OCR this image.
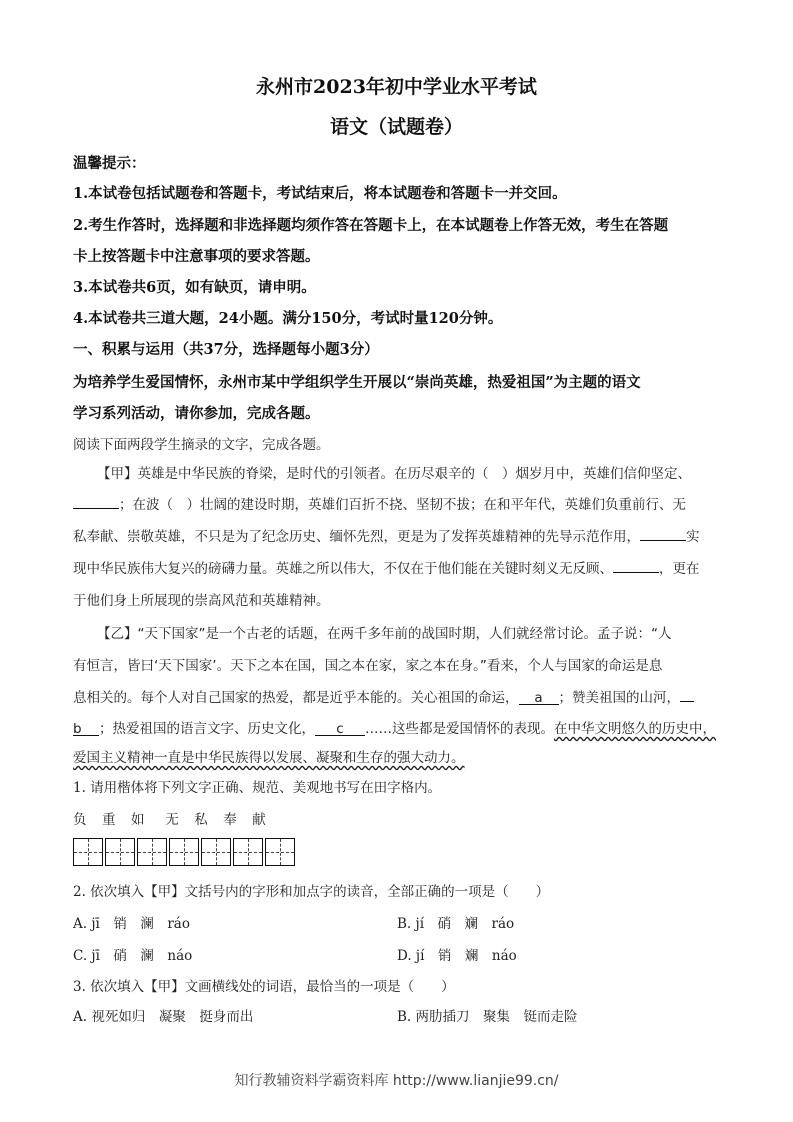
永州市2023年初中学业水平考试
语文（试题卷）
温馨提示：
1.本试卷包括试题卷和答题卡，考试结束后，将本试题卷和答题卡一并交回。
2.考生作答时，选择题和非选择题均须作答在答题卡上，在本试题卷上作答无效，考生在答题
卡上按答题卡中注意事项的要求答题。
3.本试卷共6页，如有缺页，请申明。
4.本试卷共三道大题，24小题。满分150分，考试时量120分钟。
一、积累与运用（共37分，选择题每小题3分）
为培养学生爱国情怀，永州市某中学组织学生开展以“崇尚英雄，热爱祖国”为主题的语文
学习系列活动，请你参加，完成各题。
阅读下面两段学生摘录的文字，完成各题。
【甲】英雄是中华民族的脊梁，是时代的引领者。在历尽艰辛的（　）烟岁月中，英雄们信仰坚定、
；在波（　）壮阔的建设时期，英雄们百折不挠、坚韧不拔；在和平年代，英雄们负重前行、无
私奉献、崇敬英雄，不只是为了纪念历史、缅怀先烈，更是为了发挥英雄精神的先导示范作用，	实
现中华民族伟大复兴的磅礴力量。英雄之所以伟大，不仅在于他们能在关键时刻义无反顾、	，更在
于他们身上所展现的崇高风范和英雄精神。
【乙】“天下国家”是一个古老的话题，在两千多年前的战国时期，人们就经常讨论。孟子说：“人
有恒言，皆曰‘天下国家’。天下之本在国，国之本在家，家之本在身。”看来，个人与国家的命运是息
息相关的。每个人对自己国家的热爱，都是近乎本能的。关心祖国的命运， a ；赞美祖国的山河，
b ；热爱祖国的语言文字、历史文化， c ……这些都是爱国情怀的表现。在中华文明悠久的历史中，
爱国主义精神一直是中华民族得以发展、凝聚和生存的强大动力。
1. 请用楷体将下列文字正确、规范、美观地书写在田字格内。
负　重　如　 无　私　奉　献
2. 依次填入【甲】文括号内的字形和加点字的读音，全部正确的一项是（　　）
A. jī　销　澜　ráo	B. jí　硝　斓　ráo
C. jī　硝　澜　náo	D. jí　销　斓　náo
3. 依次填入【甲】文画横线处的词语，最恰当的一项是（　　）
A. 视死如归　凝聚　挺身而出	B. 两肋插刀　聚集　铤而走险
知行教辅资料学霸资料库 http://www.lianjie99.cn/
